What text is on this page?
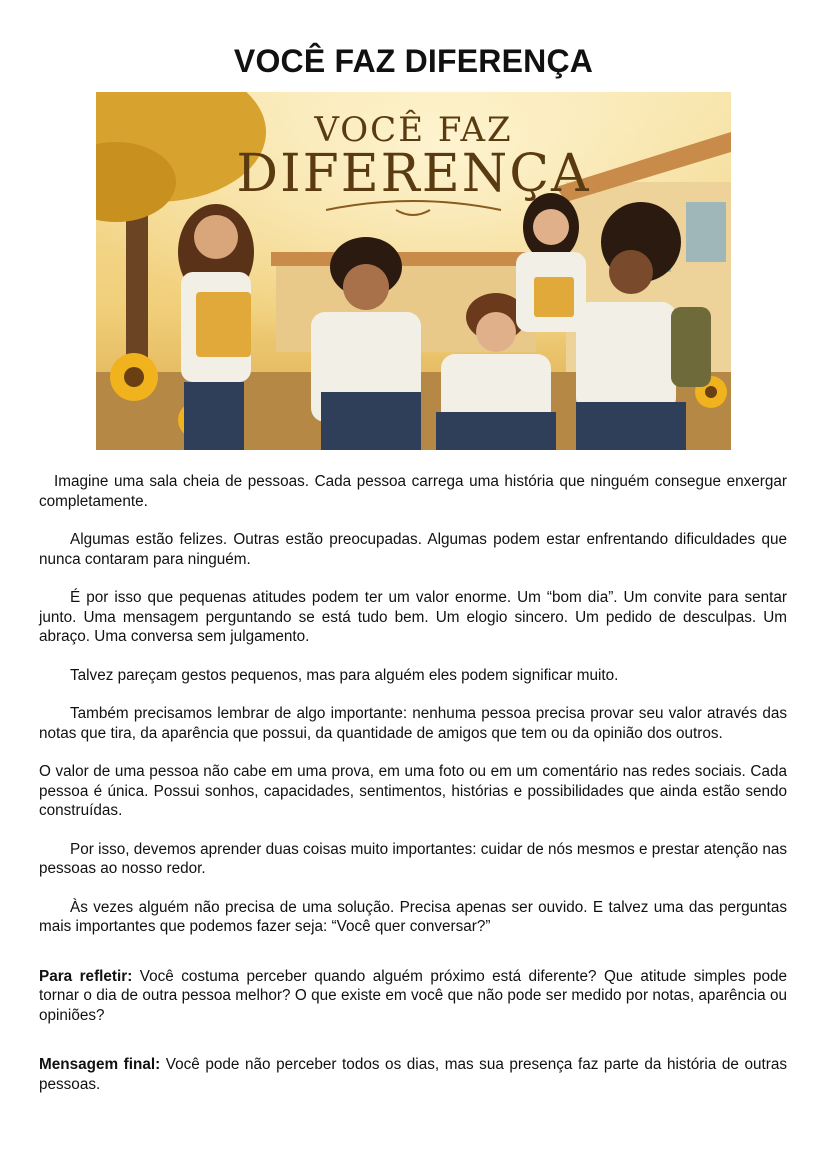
VOCÊ FAZ DIFERENÇA
VOCÊ FAZ
DIFERENÇA

Imagine uma sala cheia de pessoas. Cada pessoa carrega uma história que ninguém consegue enxergar completamente.

Algumas estão felizes. Outras estão preocupadas. Algumas podem estar enfrentando dificuldades que nunca contaram para ninguém.

É por isso que pequenas atitudes podem ter um valor enorme. Um “bom dia”. Um convite para sentar junto. Uma mensagem perguntando se está tudo bem. Um elogio sincero. Um pedido de desculpas. Um abraço. Uma conversa sem julgamento.

Talvez pareçam gestos pequenos, mas para alguém eles podem significar muito.

Também precisamos lembrar de algo importante: nenhuma pessoa precisa provar seu valor através das notas que tira, da aparência que possui, da quantidade de amigos que tem ou da opinião dos outros.

O valor de uma pessoa não cabe em uma prova, em uma foto ou em um comentário nas redes sociais. Cada pessoa é única. Possui sonhos, capacidades, sentimentos, histórias e possibilidades que ainda estão sendo construídas.

Por isso, devemos aprender duas coisas muito importantes: cuidar de nós mesmos e prestar atenção nas pessoas ao nosso redor.

Às vezes alguém não precisa de uma solução. Precisa apenas ser ouvido. E talvez uma das perguntas mais importantes que podemos fazer seja: “Você quer conversar?”

Para refletir: Você costuma perceber quando alguém próximo está diferente? Que atitude simples pode tornar o dia de outra pessoa melhor? O que existe em você que não pode ser medido por notas, aparência ou opiniões?

Mensagem final: Você pode não perceber todos os dias, mas sua presença faz parte da história de outras pessoas.
